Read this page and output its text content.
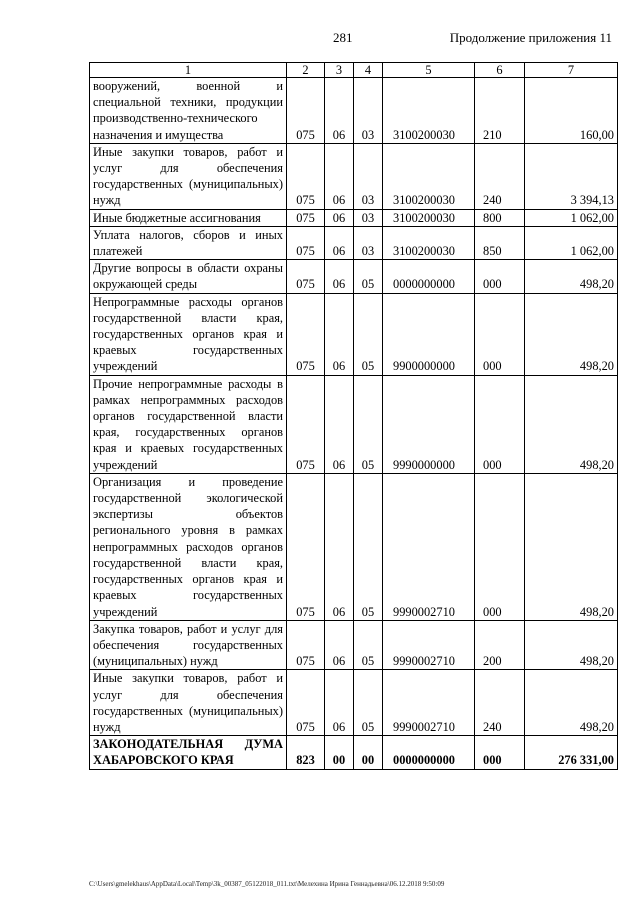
281	Продолжение приложения 11
1	2	3	4	5	6	7
вооружений, военной и специальной техники, продукции производственно-технического назначения и имущества	075	06	03	3100200030	210	160,00
Иные закупки товаров, работ и услуг для обеспечения государственных (муниципальных) нужд	075	06	03	3100200030	240	3 394,13
Иные бюджетные ассигнования	075	06	03	3100200030	800	1 062,00
Уплата налогов, сборов и иных платежей	075	06	03	3100200030	850	1 062,00
Другие вопросы в области охраны окружающей среды	075	06	05	0000000000	000	498,20
Непрограммные расходы органов государственной власти края, государственных органов края и краевых государственных учреждений	075	06	05	9900000000	000	498,20
Прочие непрограммные расходы в рамках непрограммных расходов органов государственной власти края, государственных органов края и краевых государственных учреждений	075	06	05	9990000000	000	498,20
Организация и проведение государственной экологической экспертизы объектов регионального уровня в рамках непрограммных расходов органов государственной власти края, государственных органов края и краевых государственных учреждений	075	06	05	9990002710	000	498,20
Закупка товаров, работ и услуг для обеспечения государственных (муниципальных) нужд	075	06	05	9990002710	200	498,20
Иные закупки товаров, работ и услуг для обеспечения государственных (муниципальных) нужд	075	06	05	9990002710	240	498,20
ЗАКОНОДАТЕЛЬНАЯ ДУМА ХАБАРОВСКОГО КРАЯ	823	00	00	0000000000	000	276 331,00
C:\Users\gmelekhaus\AppData\Local\Temp\3k_00387_05122018_011.txt\Мелехина Ирина Геннадьевна\06.12.2018 9:50:09
